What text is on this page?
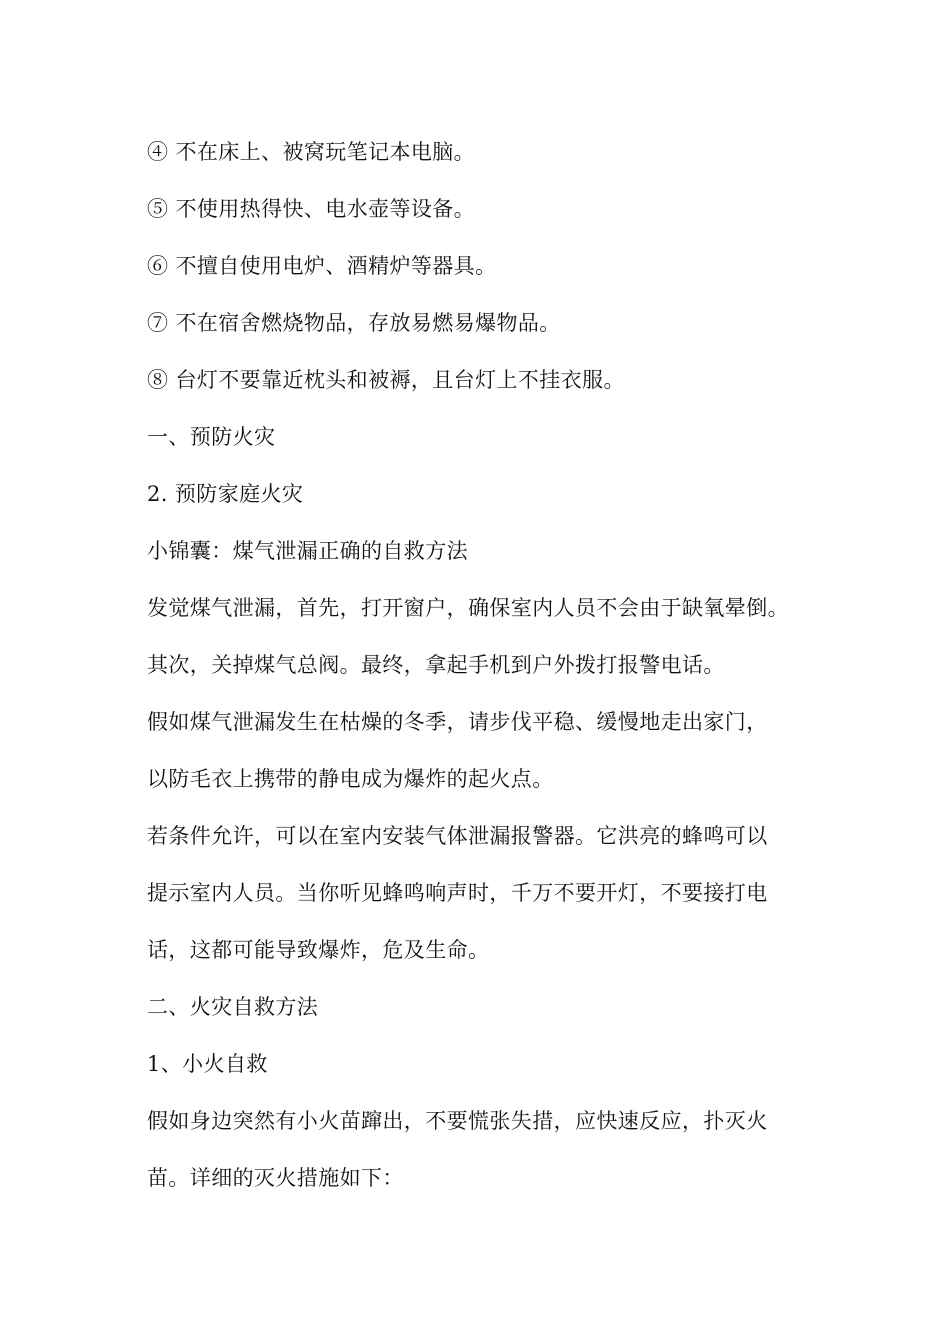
④ 不在床上、被窝玩笔记本电脑。
⑤ 不使用热得快、电水壶等设备。
⑥ 不擅自使用电炉、酒精炉等器具。
⑦ 不在宿舍燃烧物品，存放易燃易爆物品。
⑧ 台灯不要靠近枕头和被褥，且台灯上不挂衣服。
一、预防火灾
2. 预防家庭火灾
小锦囊：煤气泄漏正确的自救方法
发觉煤气泄漏，首先，打开窗户，确保室内人员不会由于缺氧晕倒。
其次，关掉煤气总阀。最终，拿起手机到户外拨打报警电话。
假如煤气泄漏发生在枯燥的冬季，请步伐平稳、缓慢地走出家门，
以防毛衣上携带的静电成为爆炸的起火点。
若条件允许，可以在室内安装气体泄漏报警器。它洪亮的蜂鸣可以
提示室内人员。当你听见蜂鸣响声时，千万不要开灯，不要接打电
话，这都可能导致爆炸，危及生命。
二、火灾自救方法
1、小火自救
假如身边突然有小火苗蹿出，不要慌张失措，应快速反应，扑灭火
苗。详细的灭火措施如下：
